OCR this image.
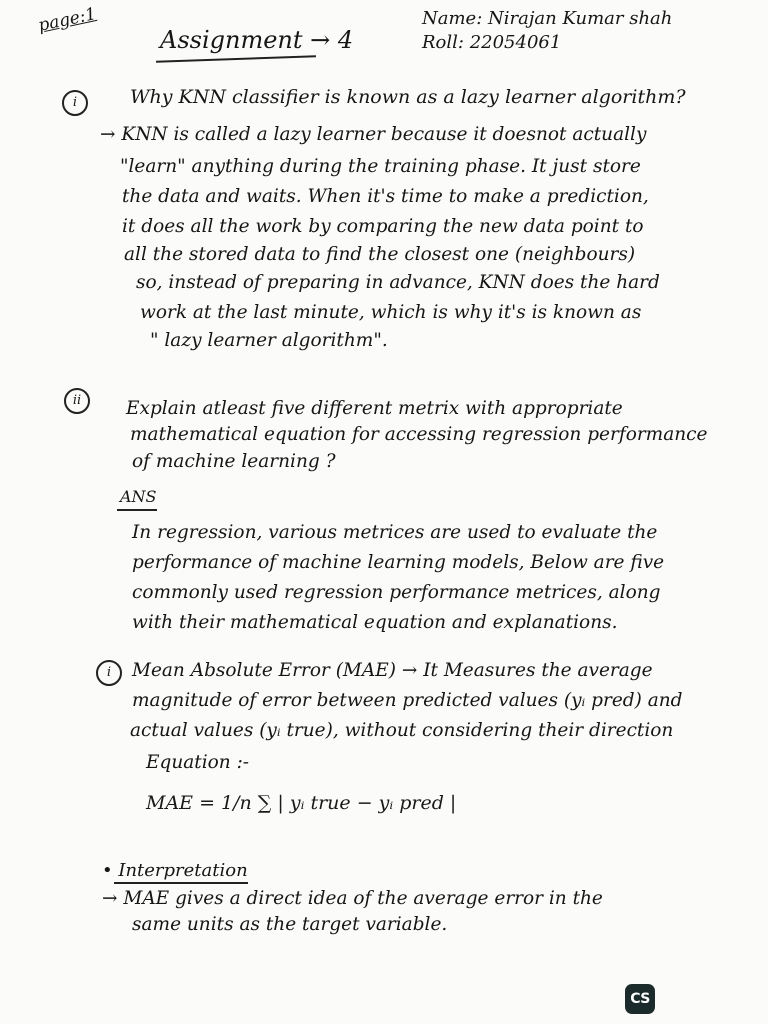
page:1
Assignment → 4
Name: Nirajan Kumar shah
Roll: 22054061
i	Why KNN classifier is known as a lazy learner algorithm?
→ KNN is called a lazy learner because it doesnot actually
"learn" anything during the training phase. It just store
the data and waits. When it's time to make a prediction,
it does all the work by comparing the new data point to
all the stored data to find the closest one (neighbours)
so, instead of preparing in advance, KNN does the hard
work at the last minute, which is why it's is known as
" lazy learner algorithm".
ii	Explain atleast five different metrix with appropriate
mathematical equation for accessing regression performance
of machine learning ?
ANS
In regression, various metrices are used to evaluate the
performance of machine learning models, Below are five
commonly used regression performance metrices, along
with their mathematical equation and explanations.
i	Mean Absolute Error (MAE) → It Measures the average
magnitude of error between predicted values (yᵢ pred) and
actual values (yᵢ true), without considering their direction
Equation :-
MAE = 1/n ∑ | yᵢ true − yᵢ pred |
• Interpretation
→ MAE gives a direct idea of the average error in the
same units as the target variable.
CS
